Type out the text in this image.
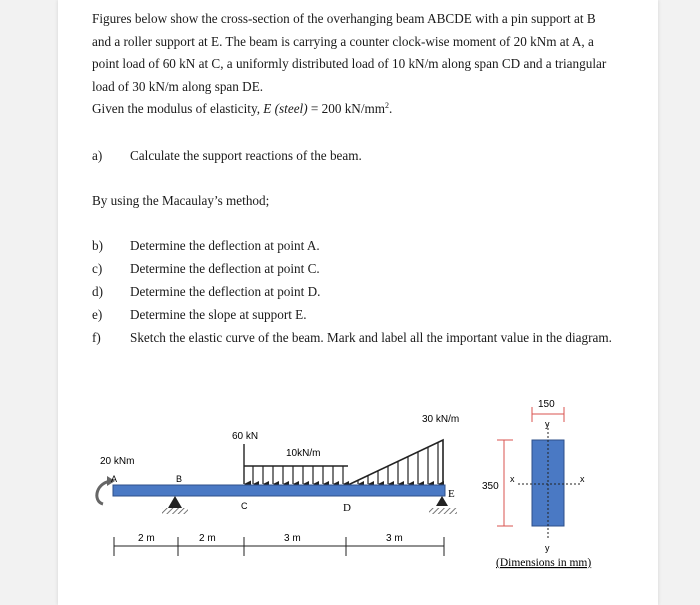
Figures below show the cross-section of the overhanging beam ABCDE with a pin support at B
and a roller support at E. The beam is carrying a counter clock-wise moment of 20 kNm at A, a
point load of 60 kN at C, a uniformly distributed load of 10 kN/m along span CD and a triangular
load of 30 kN/m along span DE.
Given the modulus of elasticity, E (steel) = 200 $kN/mm^2$.
a) Calculate the support reactions of the beam.
By using the Macaulay’s method;
b) Determine the deflection at point A.
c) Determine the deflection at point C.
d) Determine the deflection at point D.
e) Determine the slope at support E.
f) Sketch the elastic curve of the beam. Mark and label all the important value in the diagram.
20 kNm
60 kN
10kN/m
30 kN/m
A	B
C	D
E
2 m	2 m	3 m	3 m
150
350
x	x
y
y
(Dimensions in mm)
